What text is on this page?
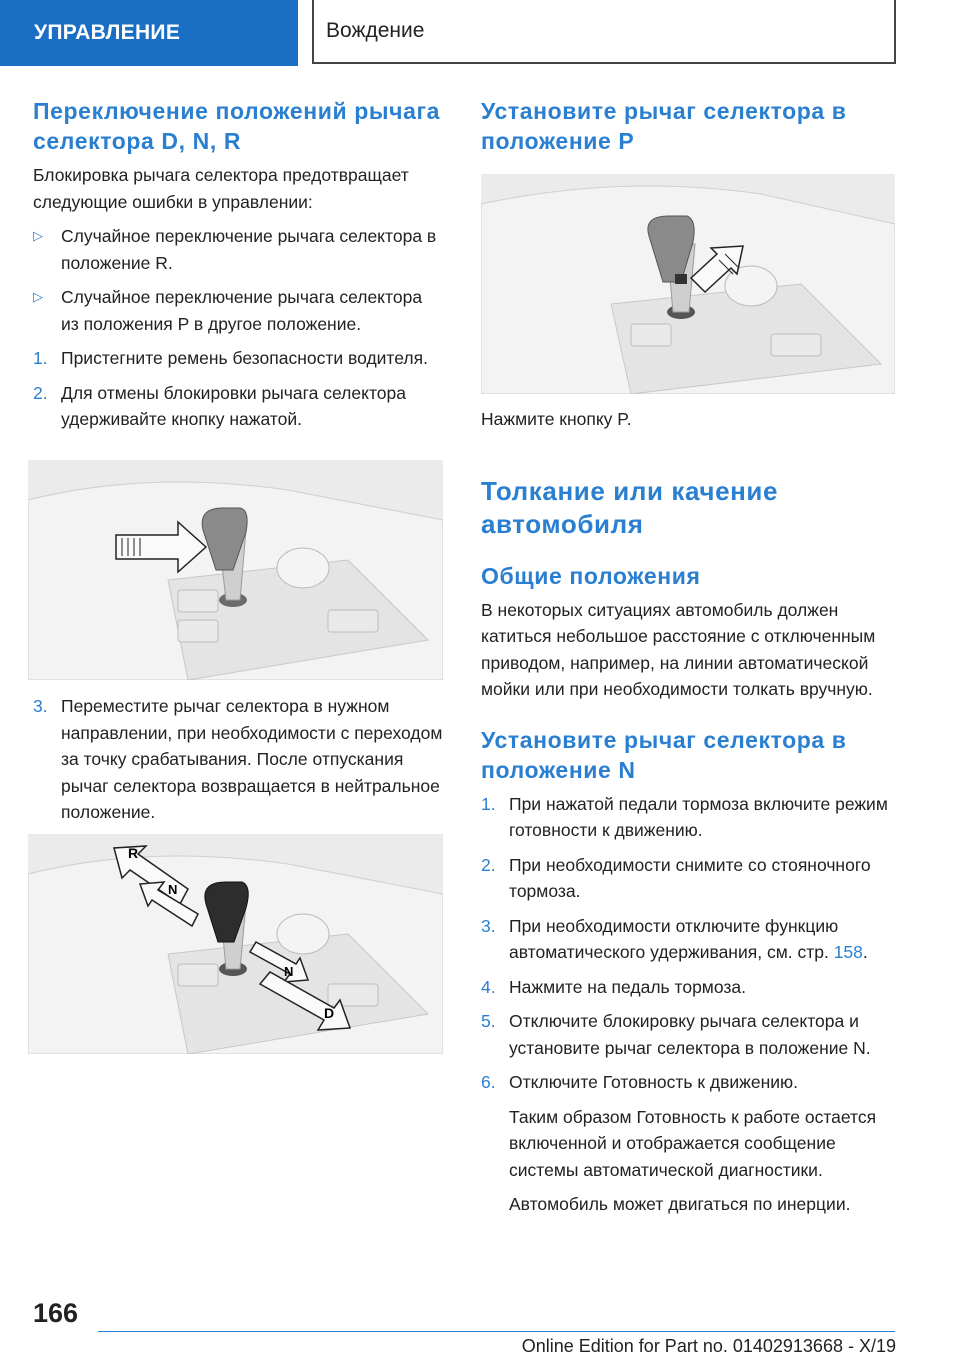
УПРАВЛЕНИЕ	Вождение
Переключение положений рычага селектора D, N, R

Блокировка рычага селектора предотвращает следующие ошибки в управлении:

▷	Случайное переключение рычага селектора в положение R.
▷	Случайное переключение рычага селектора из положения P в другое положение.
1. Пристегните ремень безопасности водителя.
2. Для отмены блокировки рычага селектора удерживайте кнопку нажатой.
3. Переместите рычаг селектора в нужном направлении, при необходимости с переходом за точку срабатывания. После отпускания рычаг селектора возвращается в нейтральное положение.
R
N
N
D
Установите рычаг селектора в положение P

Нажмите кнопку P.

Толкание или качение автомобиля
Общие положения

В некоторых ситуациях автомобиль должен катиться небольшое расстояние с отключенным приводом, например, на линии автоматической мойки или при необходимости толкать вручную.

Установите рычаг селектора в положение N
1. При нажатой педали тормоза включите режим готовности к движению.
2. При необходимости снимите со стояночного тормоза.
3. При необходимости отключите функцию автоматического удерживания, см. стр. 158.
4. Нажмите на педаль тормоза.
5. Отключите блокировку рычага селектора и установите рычаг селектора в положение N.
6. Отключите Готовность к движению.
Таким образом Готовность к работе остается включенной и отображается сообщение системы автоматической диагностики.
Автомобиль может двигаться по инерции.
166
Online Edition for Part no. 01402913668 - X/19
